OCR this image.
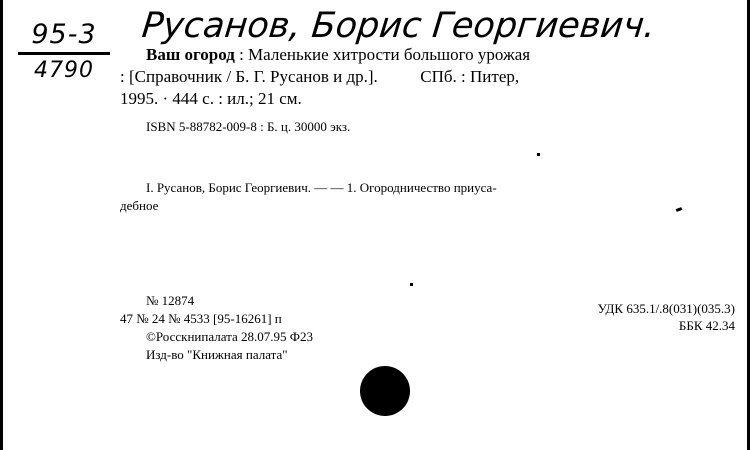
95-3
4790
Русанов, Борис Георгиевич.
Ваш огород : Маленькие хитрости большого урожая
: [Справочник / Б. Г. Русанов и др.].	СПб. : Питер,
1995. · 444 с. : ил.; 21 см.
ISBN 5-88782-009-8 : Б. ц. 30000 экз.
I. Русанов, Борис Георгиевич. — — 1. Огородничество приуса-
дебное
№ 12874
47 № 24 № 4533 [95-16261] п
©Росскнипалата 28.07.95 Ф23
Изд-во "Книжная палата"
УДК 635.1/.8(031)(035.3)
ББК 42.34
